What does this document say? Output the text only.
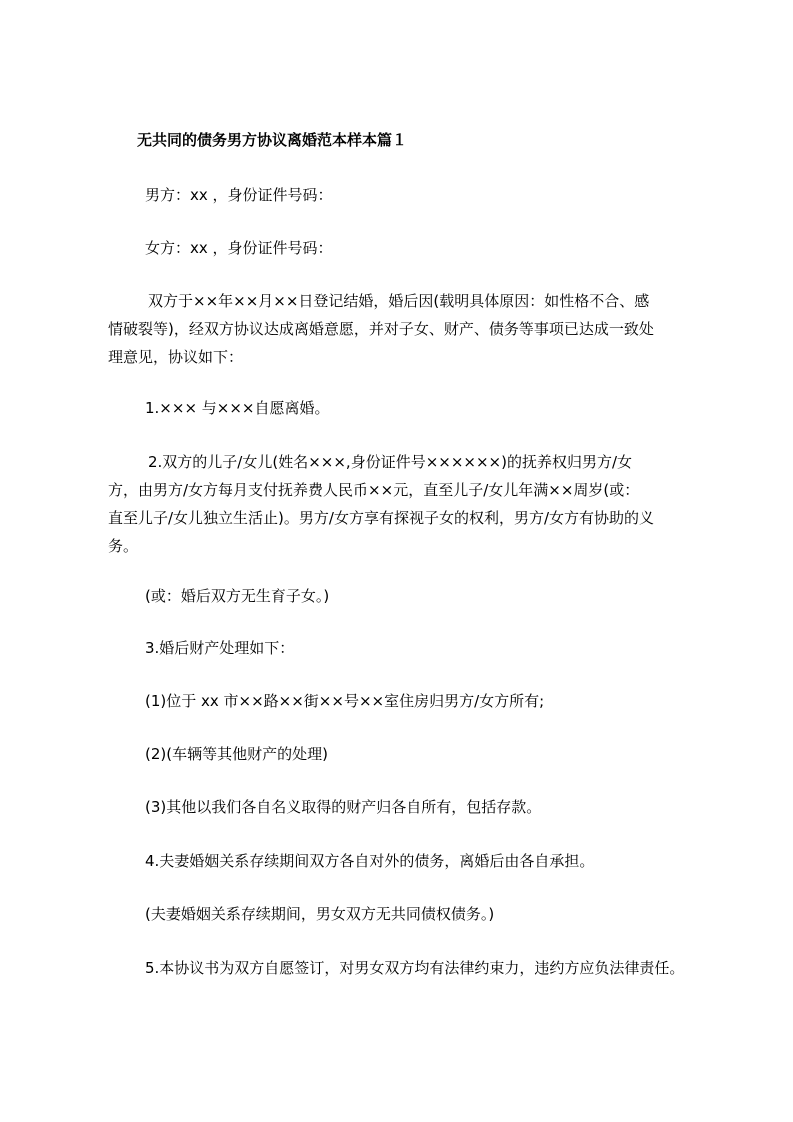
无共同的债务男方协议离婚范本样本篇１
男方：xx ，身份证件号码：
女方：xx ，身份证件号码：
双方于××年××月××日登记结婚，婚后因(载明具体原因：如性格不合、感
情破裂等)，经双方协议达成离婚意愿，并对子女、财产、债务等事项已达成一致处
理意见，协议如下：
1.××× 与×××自愿离婚。
2.双方的儿子/女儿(姓名×××,身份证件号××××××)的抚养权归男方/女
方，由男方/女方每月支付抚养费人民币××元，直至儿子/女儿年满××周岁(或：
直至儿子/女儿独立生活止)。男方/女方享有探视子女的权利，男方/女方有协助的义
务。
(或：婚后双方无生育子女。)
3.婚后财产处理如下：
(1)位于 xx 市××路××街××号××室住房归男方/女方所有;
(2)(车辆等其他财产的处理)
(3)其他以我们各自名义取得的财产归各自所有，包括存款。
4.夫妻婚姻关系存续期间双方各自对外的债务，离婚后由各自承担。
(夫妻婚姻关系存续期间，男女双方无共同债权债务。)
5.本协议书为双方自愿签订，对男女双方均有法律约束力，违约方应负法律责任。
